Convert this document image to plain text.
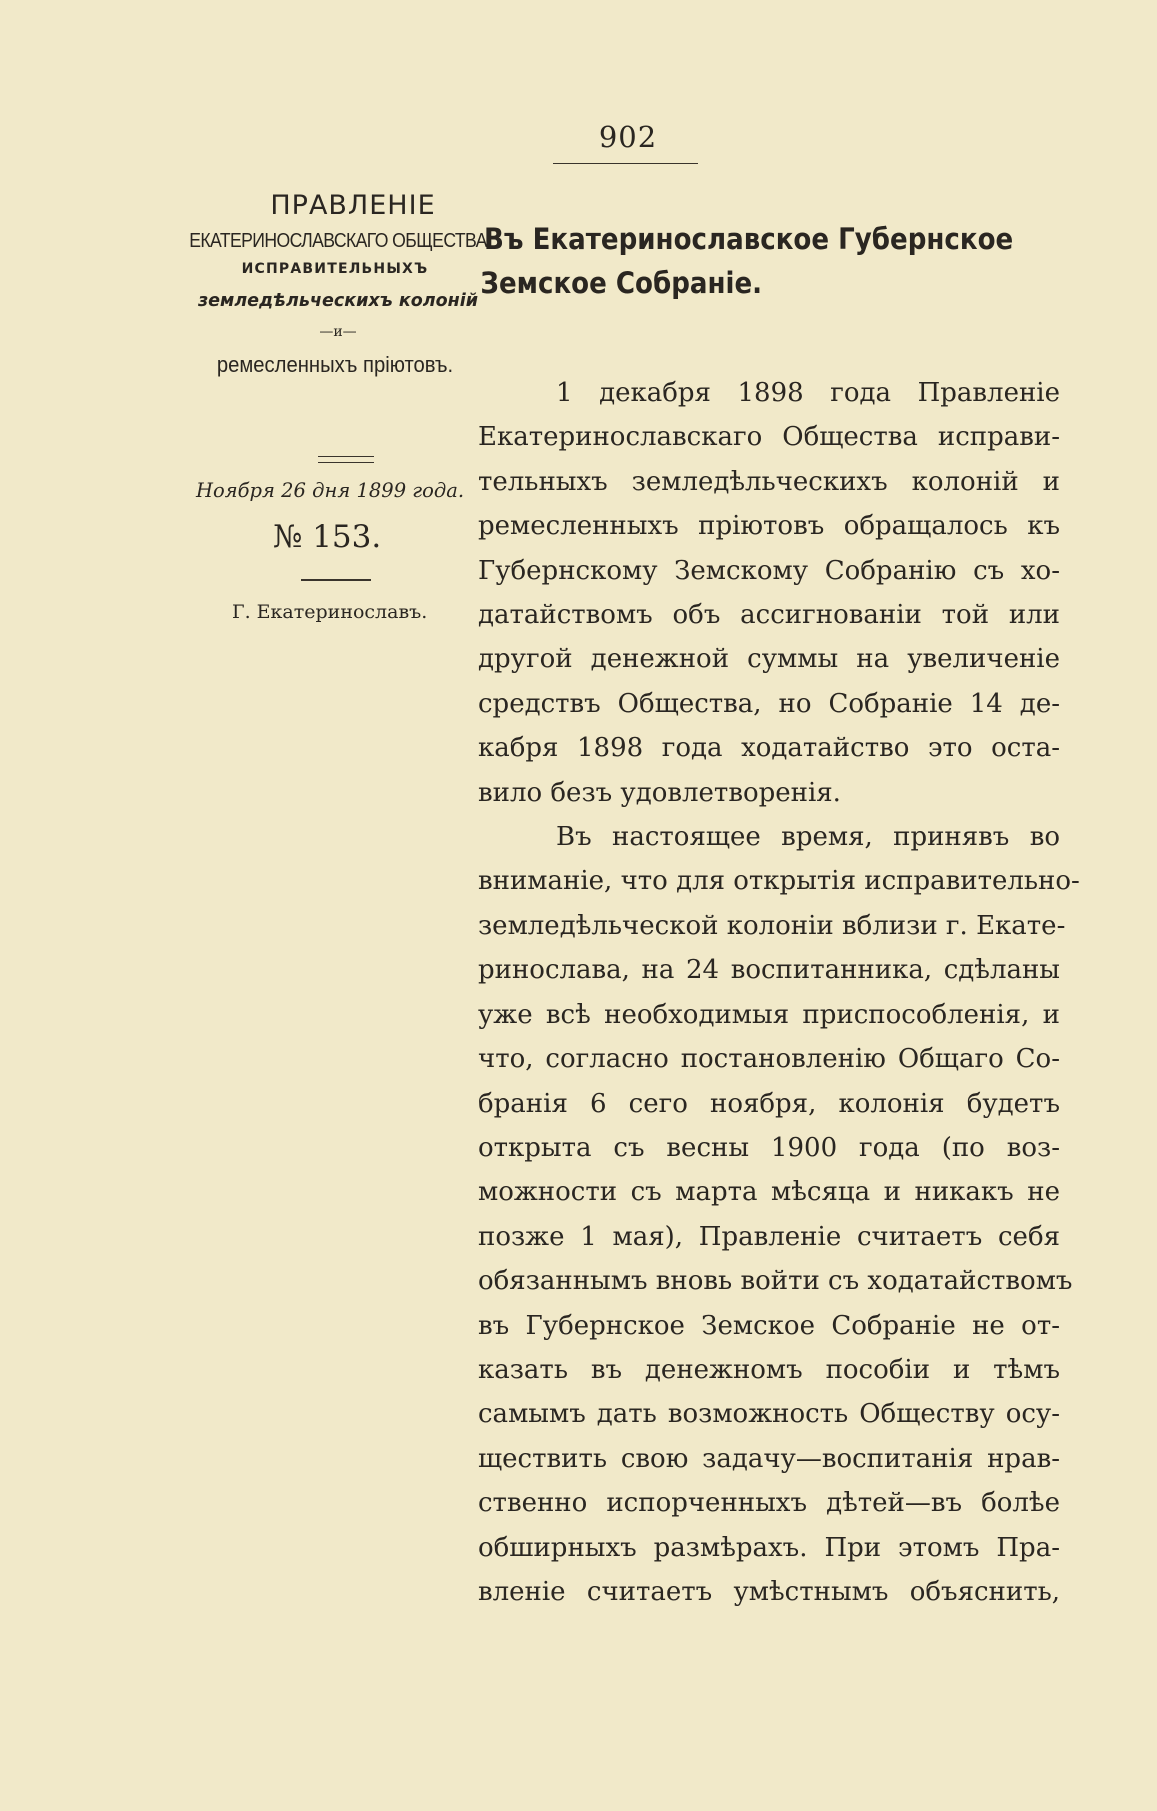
902
ПРАВЛЕНІЕ
ЕКАТЕРИНОСЛАВСКАГО ОБЩЕСТВА
ИСПРАВИТЕЛЬНЫХЪ
земледѣльческихъ колоній
—и—
ремесленныхъ пріютовъ.
Ноября 26 дня 1899 года.
№ 153.
Г. Екатеринославъ.
Въ Екатеринославское Губернское
Земское Собраніе.
1 декабря 1898 года Правленіе
Екатеринославскаго Общества исправи-
тельныхъ земледѣльческихъ колоній и
ремесленныхъ пріютовъ обращалось къ
Губернскому Земскому Собранію съ хо-
датайствомъ объ ассигнованіи той или
другой денежной суммы на увеличеніе
средствъ Общества, но Собраніе 14 де-
кабря 1898 года ходатайство это оста-
вило безъ удовлетворенія.
Въ настоящее время, принявъ во
вниманіе, что для открытія исправительно-
земледѣльческой колоніи вблизи г. Екате-
ринослава, на 24 воспитанника, сдѣланы
уже всѣ необходимыя приспособленія, и
что, согласно постановленію Общаго Со-
бранія 6 сего ноября, колонія будетъ
открыта съ весны 1900 года (по воз-
можности съ марта мѣсяца и никакъ не
позже 1 мая), Правленіе считаетъ себя
обязаннымъ вновь войти съ ходатайствомъ
въ Губернское Земское Собраніе не от-
казать въ денежномъ пособіи и тѣмъ
самымъ дать возможность Обществу осу-
ществить свою задачу—воспитанія нрав-
ственно испорченныхъ дѣтей—въ болѣе
обширныхъ размѣрахъ. При этомъ Пра-
вленіе считаетъ умѣстнымъ объяснить,
